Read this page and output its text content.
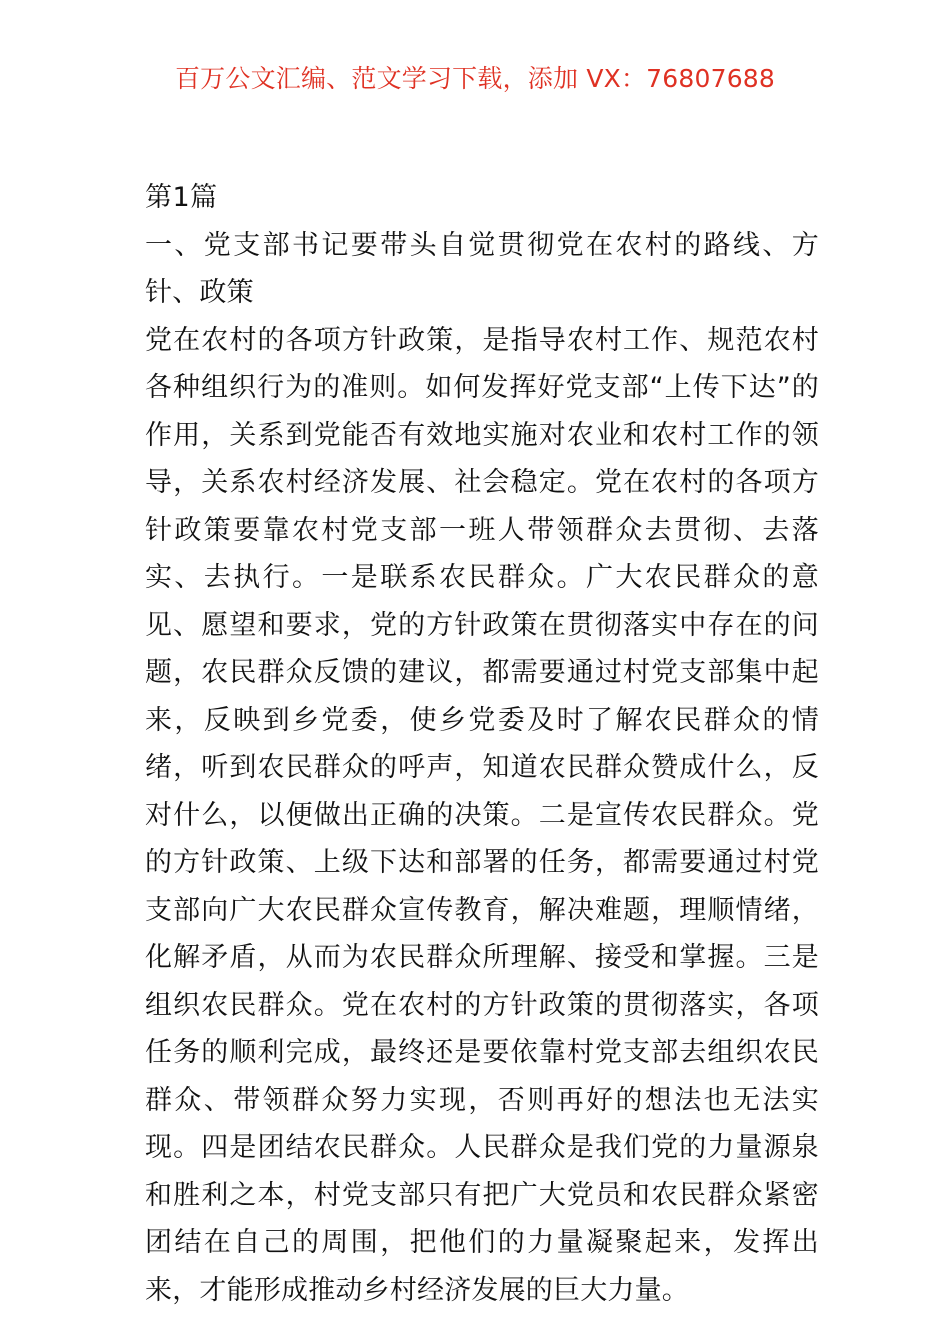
百万公文汇编、范文学习下载，添加 VX：76807688
第1篇
一、党支部书记要带头自觉贯彻党在农村的路线、方针、政策

党在农村的各项方针政策，是指导农村工作、规范农村各种组织行为的准则。如何发挥好党支部“上传下达”的作用，关系到党能否有效地实施对农业和农村工作的领导，关系农村经济发展、社会稳定。党在农村的各项方针政策要靠农村党支部一班人带领群众去贯彻、去落实、去执行。一是联系农民群众。广大农民群众的意见、愿望和要求，党的方针政策在贯彻落实中存在的问题，农民群众反馈的建议，都需要通过村党支部集中起来，反映到乡党委，使乡党委及时了解农民群众的情绪，听到农民群众的呼声，知道农民群众赞成什么，反对什么，以便做出正确的决策。二是宣传农民群众。党的方针政策、上级下达和部署的任务，都需要通过村党支部向广大农民群众宣传教育，解决难题，理顺情绪，化解矛盾，从而为农民群众所理解、接受和掌握。三是组织农民群众。党在农村的方针政策的贯彻落实，各项任务的顺利完成，最终还是要依靠村党支部去组织农民群众、带领群众努力实现，否则再好的想法也无法实现。四是团结农民群众。人民群众是我们党的力量源泉和胜利之本，村党支部只有把广大党员和农民群众紧密团结在自己的周围，把他们的力量凝聚起来，发挥出来，才能形成推动乡村经济发展的巨大力量。
